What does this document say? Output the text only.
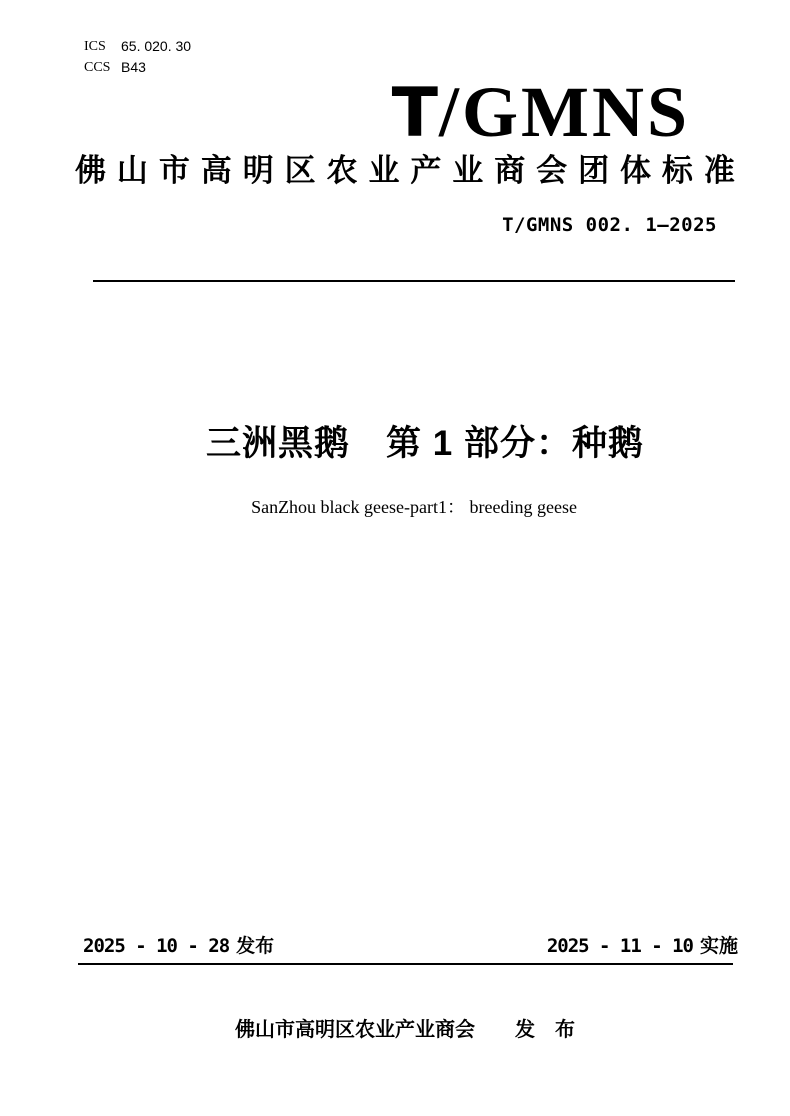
ICS	65. 020. 30
CCS B43
T/GMNS
佛 山 市 高 明 区 农 业 产 业 商 会 团 体 标 准
T/GMNS 002. 1—2025
三洲黑鹅　第 1 部分：种鹅
SanZhou black geese-part1： breeding geese
2025 - 10 - 28 发布	2025 - 11 - 10 实施
佛山市高明区农业产业商会 发　布
